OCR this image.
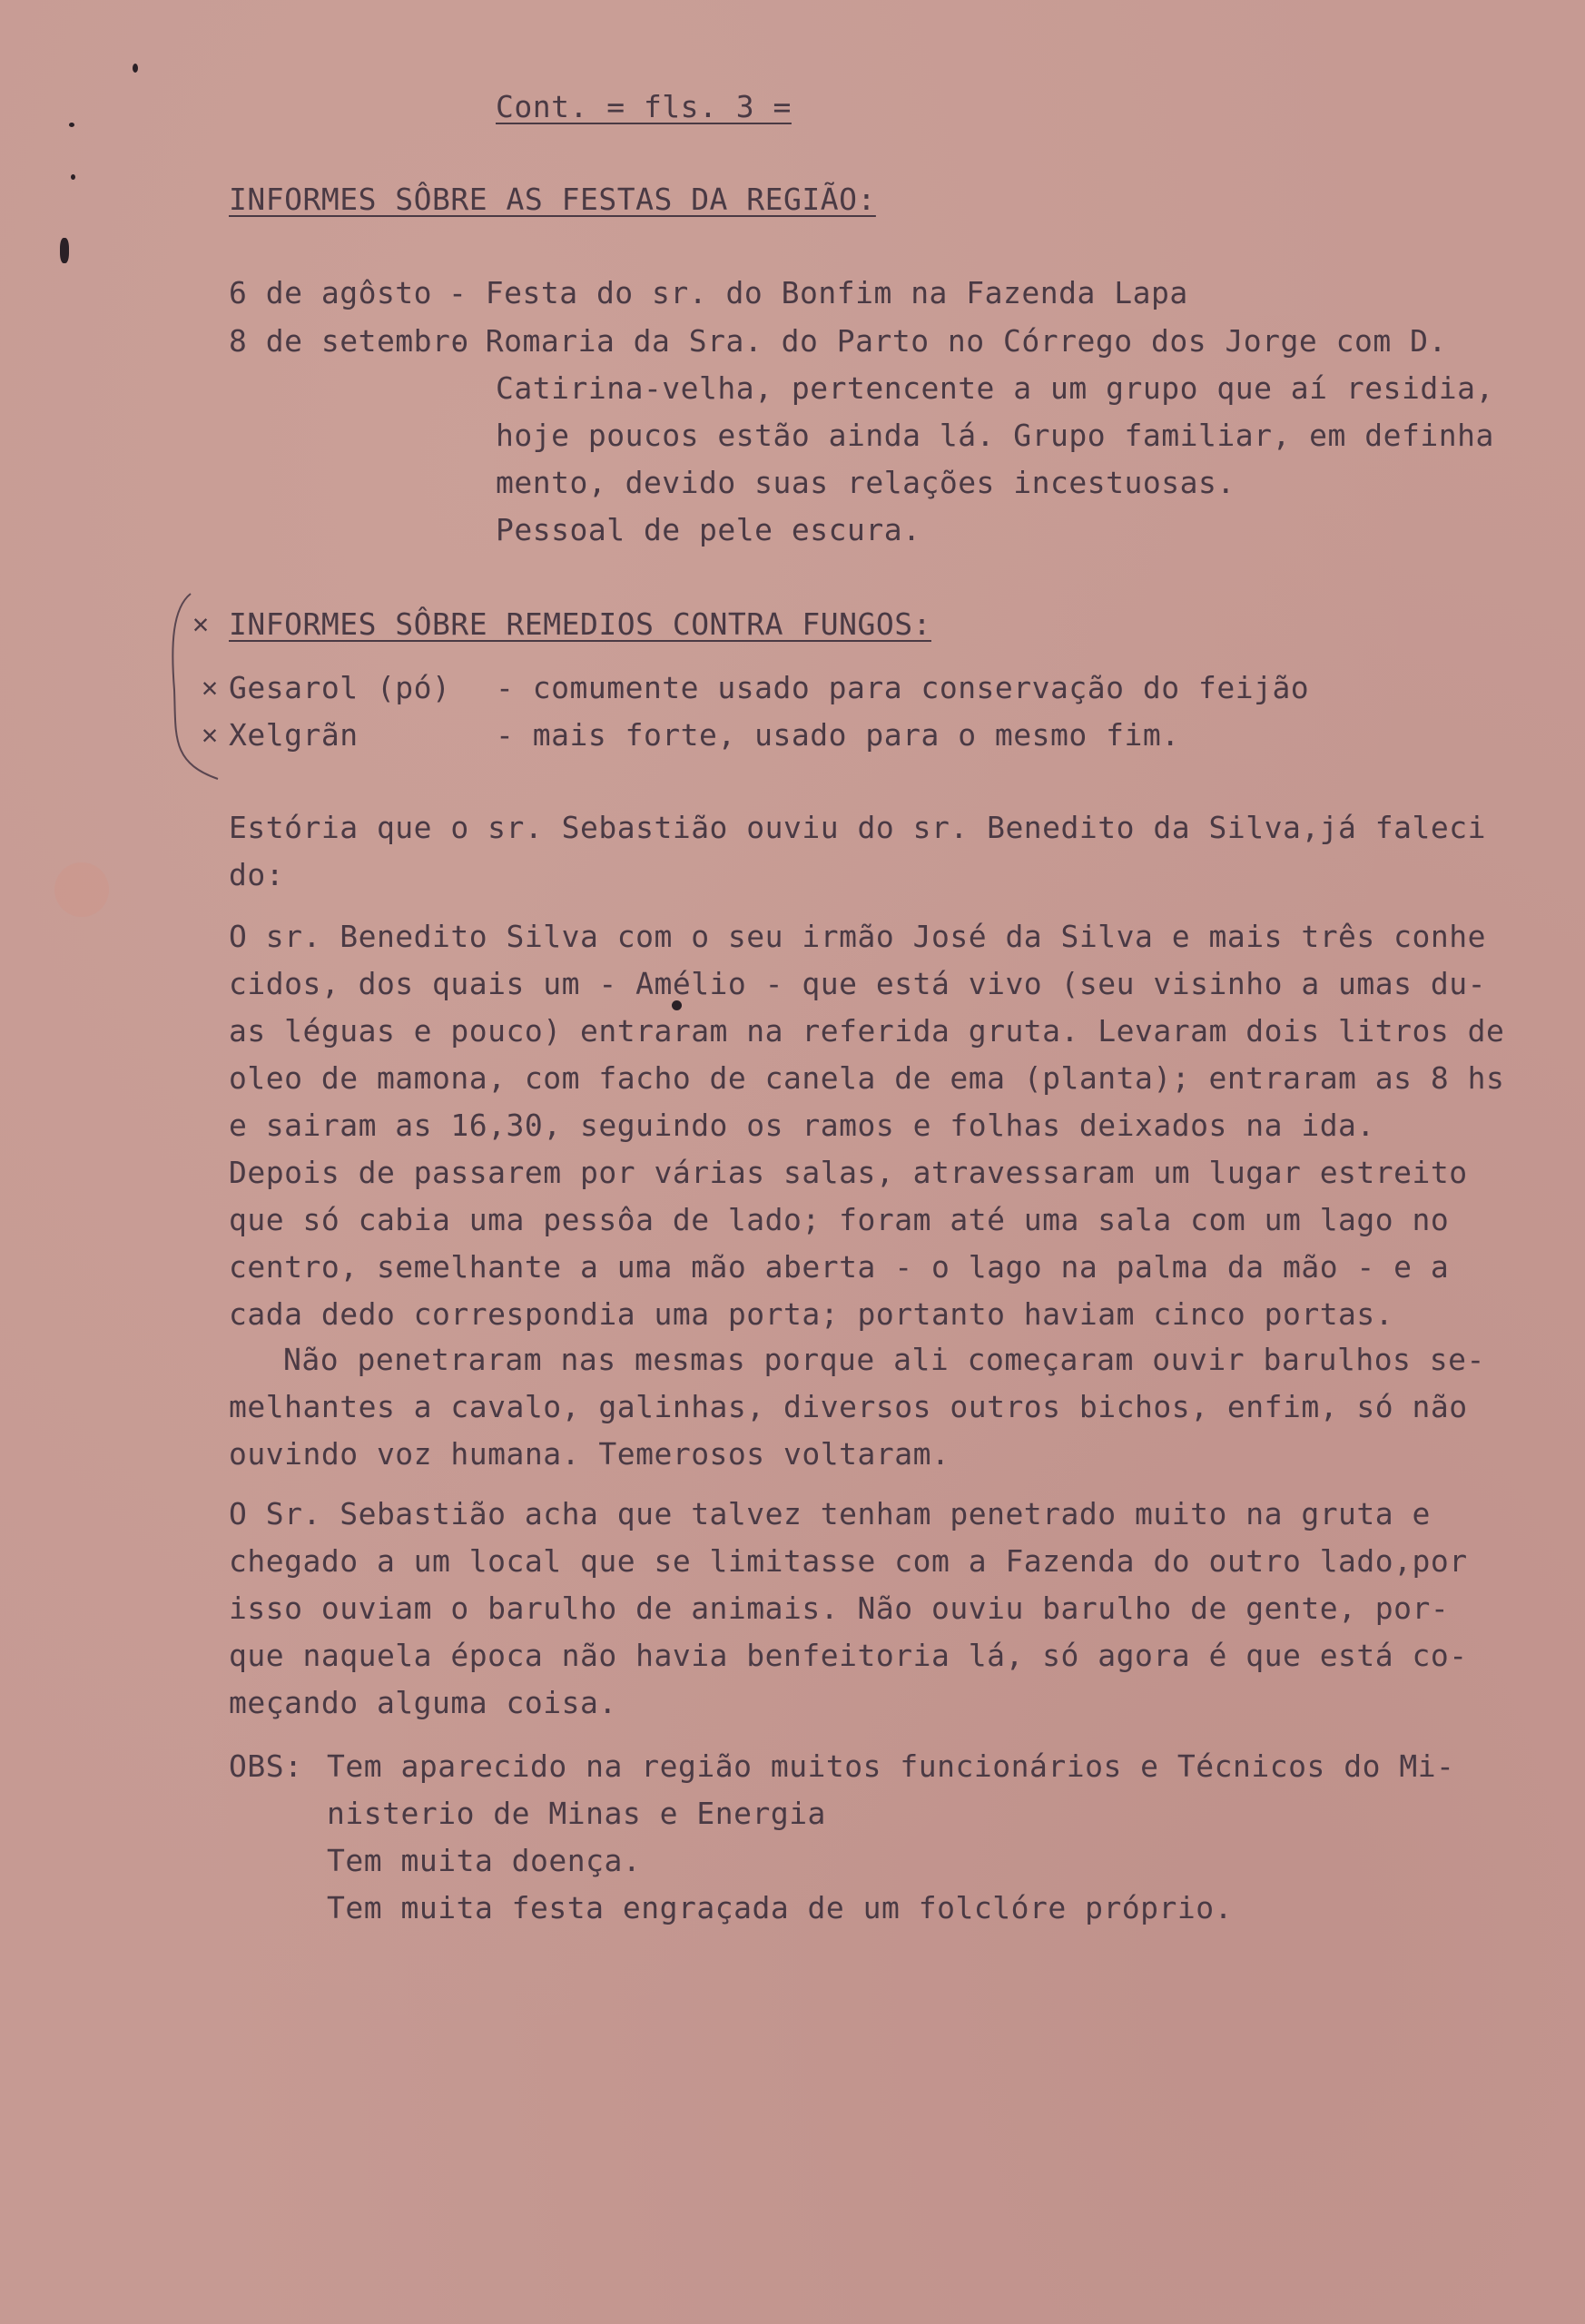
Cont. = fls. 3 =
INFORMES SÔBRE AS FESTAS DA REGIÃO:
6 de agôsto - Festa do sr. do Bonfim na Fazenda Lapa
8 de setembro
- Romaria da Sra. do Parto no Córrego dos Jorge com D.
Catirina-velha, pertencente a um grupo que aí residia,
hoje poucos estão ainda lá. Grupo familiar, em definha
mento, devido suas relações incestuosas.
Pessoal de pele escura.
✕ INFORMES SÔBRE REMEDIOS CONTRA FUNGOS:
✕ Gesarol (pó) - comumente usado para conservação do feijão
✕ Xelgrãn	- mais forte, usado para o mesmo fim.
Estória que o sr. Sebastião ouviu do sr. Benedito da Silva,já faleci
do:
O sr. Benedito Silva com o seu irmão José da Silva e mais três conhe
cidos, dos quais um - Amélio - que está vivo (seu visinho a umas du-
as léguas e pouco) entraram na referida gruta. Levaram dois litros de
oleo de mamona, com facho de canela de ema (planta); entraram as 8 hs
e sairam as 16,30, seguindo os ramos e folhas deixados na ida.
Depois de passarem por várias salas, atravessaram um lugar estreito
que só cabia uma pessôa de lado; foram até uma sala com um lago no
centro, semelhante a uma mão aberta - o lago na palma da mão - e a
cada dedo correspondia uma porta; portanto haviam cinco portas.
Não penetraram nas mesmas porque ali começaram ouvir barulhos se-
melhantes a cavalo, galinhas, diversos outros bichos, enfim, só não
ouvindo voz humana. Temerosos voltaram.
O Sr. Sebastião acha que talvez tenham penetrado muito na gruta e
chegado a um local que se limitasse com a Fazenda do outro lado,por
isso ouviam o barulho de animais. Não ouviu barulho de gente, por-
que naquela época não havia benfeitoria lá, só agora é que está co-
meçando alguma coisa.
OBS: Tem aparecido na região muitos funcionários e Técnicos do Mi-
nisterio de Minas e Energia
Tem muita doença.
Tem muita festa engraçada de um folclóre próprio.
